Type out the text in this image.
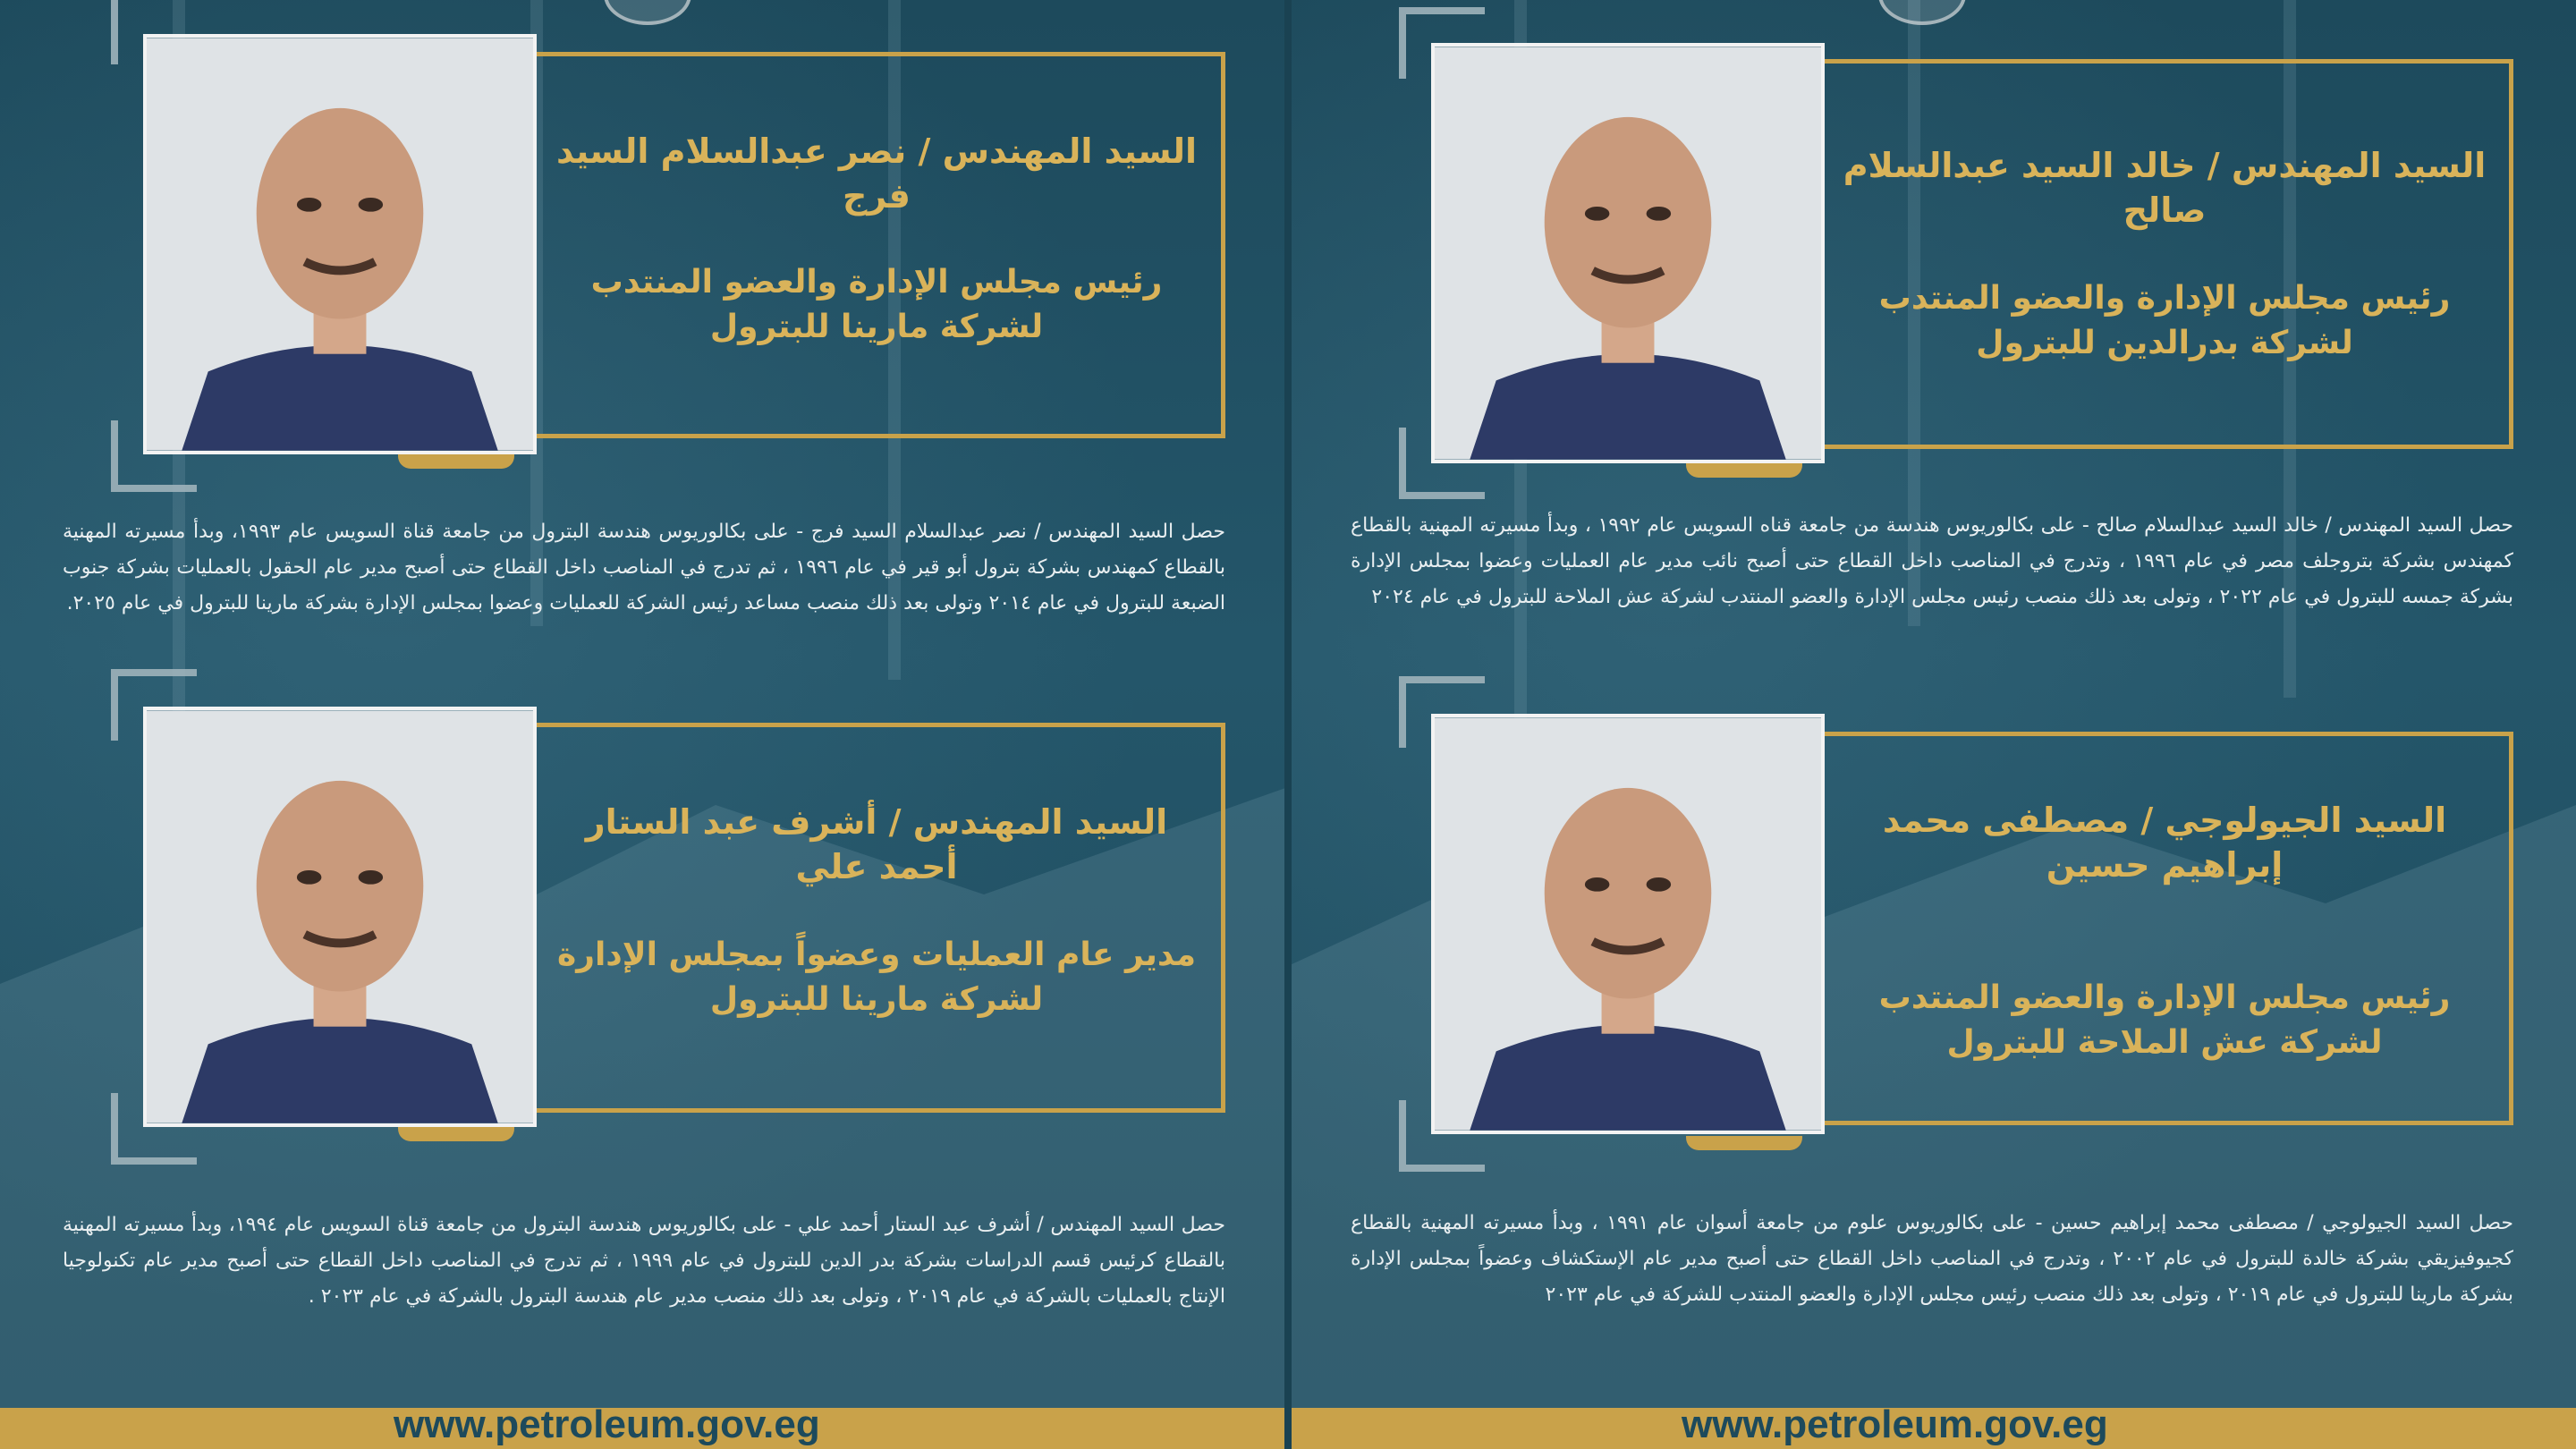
السيد المهندس / نصر عبدالسلام السيد فرج
رئيس مجلس الإدارة والعضو المنتدب
لشركة مارينا للبترول
حصل السيد المهندس / نصر عبدالسلام السيد فرج - على بكالوريوس هندسة البترول من جامعة قناة السويس عام ١٩٩٣، وبدأ مسيرته المهنية بالقطاع كمهندس بشركة بترول أبو قير في عام ١٩٩٦ ، ثم تدرج في المناصب داخل القطاع حتى أصبح مدير عام الحقول بالعمليات بشركة جنوب الضبعة للبترول في عام ٢٠١٤ وتولى بعد ذلك منصب مساعد رئيس الشركة للعمليات وعضوا بمجلس الإدارة بشركة مارينا للبترول في عام ٢٠٢٥.
السيد المهندس / أشرف عبد الستار أحمد علي
مدير عام العمليات وعضواً بمجلس الإدارة
لشركة مارينا للبترول
حصل السيد المهندس / أشرف عبد الستار أحمد علي - على بكالوريوس هندسة البترول من جامعة قناة السويس عام ١٩٩٤، وبدأ مسيرته المهنية بالقطاع كرئيس قسم الدراسات بشركة بدر الدين للبترول في عام ١٩٩٩ ، ثم تدرج في المناصب داخل القطاع حتى أصبح مدير عام تكنولوجيا الإنتاج بالعمليات بالشركة في عام ٢٠١٩ ، وتولى بعد ذلك منصب مدير عام هندسة البترول بالشركة في عام ٢٠٢٣ .
www.petroleum.gov.eg
السيد المهندس / خالد السيد عبدالسلام صالح
رئيس مجلس الإدارة والعضو المنتدب
لشركة بدرالدين للبترول
حصل السيد المهندس / خالد السيد عبدالسلام صالح - على بكالوريوس هندسة من جامعة قناه السويس عام ١٩٩٢ ، وبدأ مسيرته المهنية بالقطاع كمهندس بشركة بتروجلف مصر في عام ١٩٩٦ ، وتدرج في المناصب داخل القطاع حتى أصبح نائب مدير عام العمليات وعضوا بمجلس الإدارة بشركة جمسه للبترول في عام ٢٠٢٢ ، وتولى بعد ذلك منصب رئيس مجلس الإدارة والعضو المنتدب لشركة عش الملاحة للبترول في عام ٢٠٢٤
السيد الجيولوجي / مصطفى محمد إبراهيم حسين
رئيس مجلس الإدارة والعضو المنتدب
لشركة عش الملاحة للبترول
حصل السيد الجيولوجي / مصطفى محمد إبراهيم حسين - على بكالوريوس علوم من جامعة أسوان عام ١٩٩١ ، وبدأ مسيرته المهنية بالقطاع كجيوفيزيقي بشركة خالدة للبترول في عام ٢٠٠٢ ، وتدرج في المناصب داخل القطاع حتى أصبح مدير عام الإستكشاف وعضواً بمجلس الإدارة بشركة مارينا للبترول في عام ٢٠١٩ ، وتولى بعد ذلك منصب رئيس مجلس الإدارة والعضو المنتدب للشركة في عام ٢٠٢٣
www.petroleum.gov.eg
